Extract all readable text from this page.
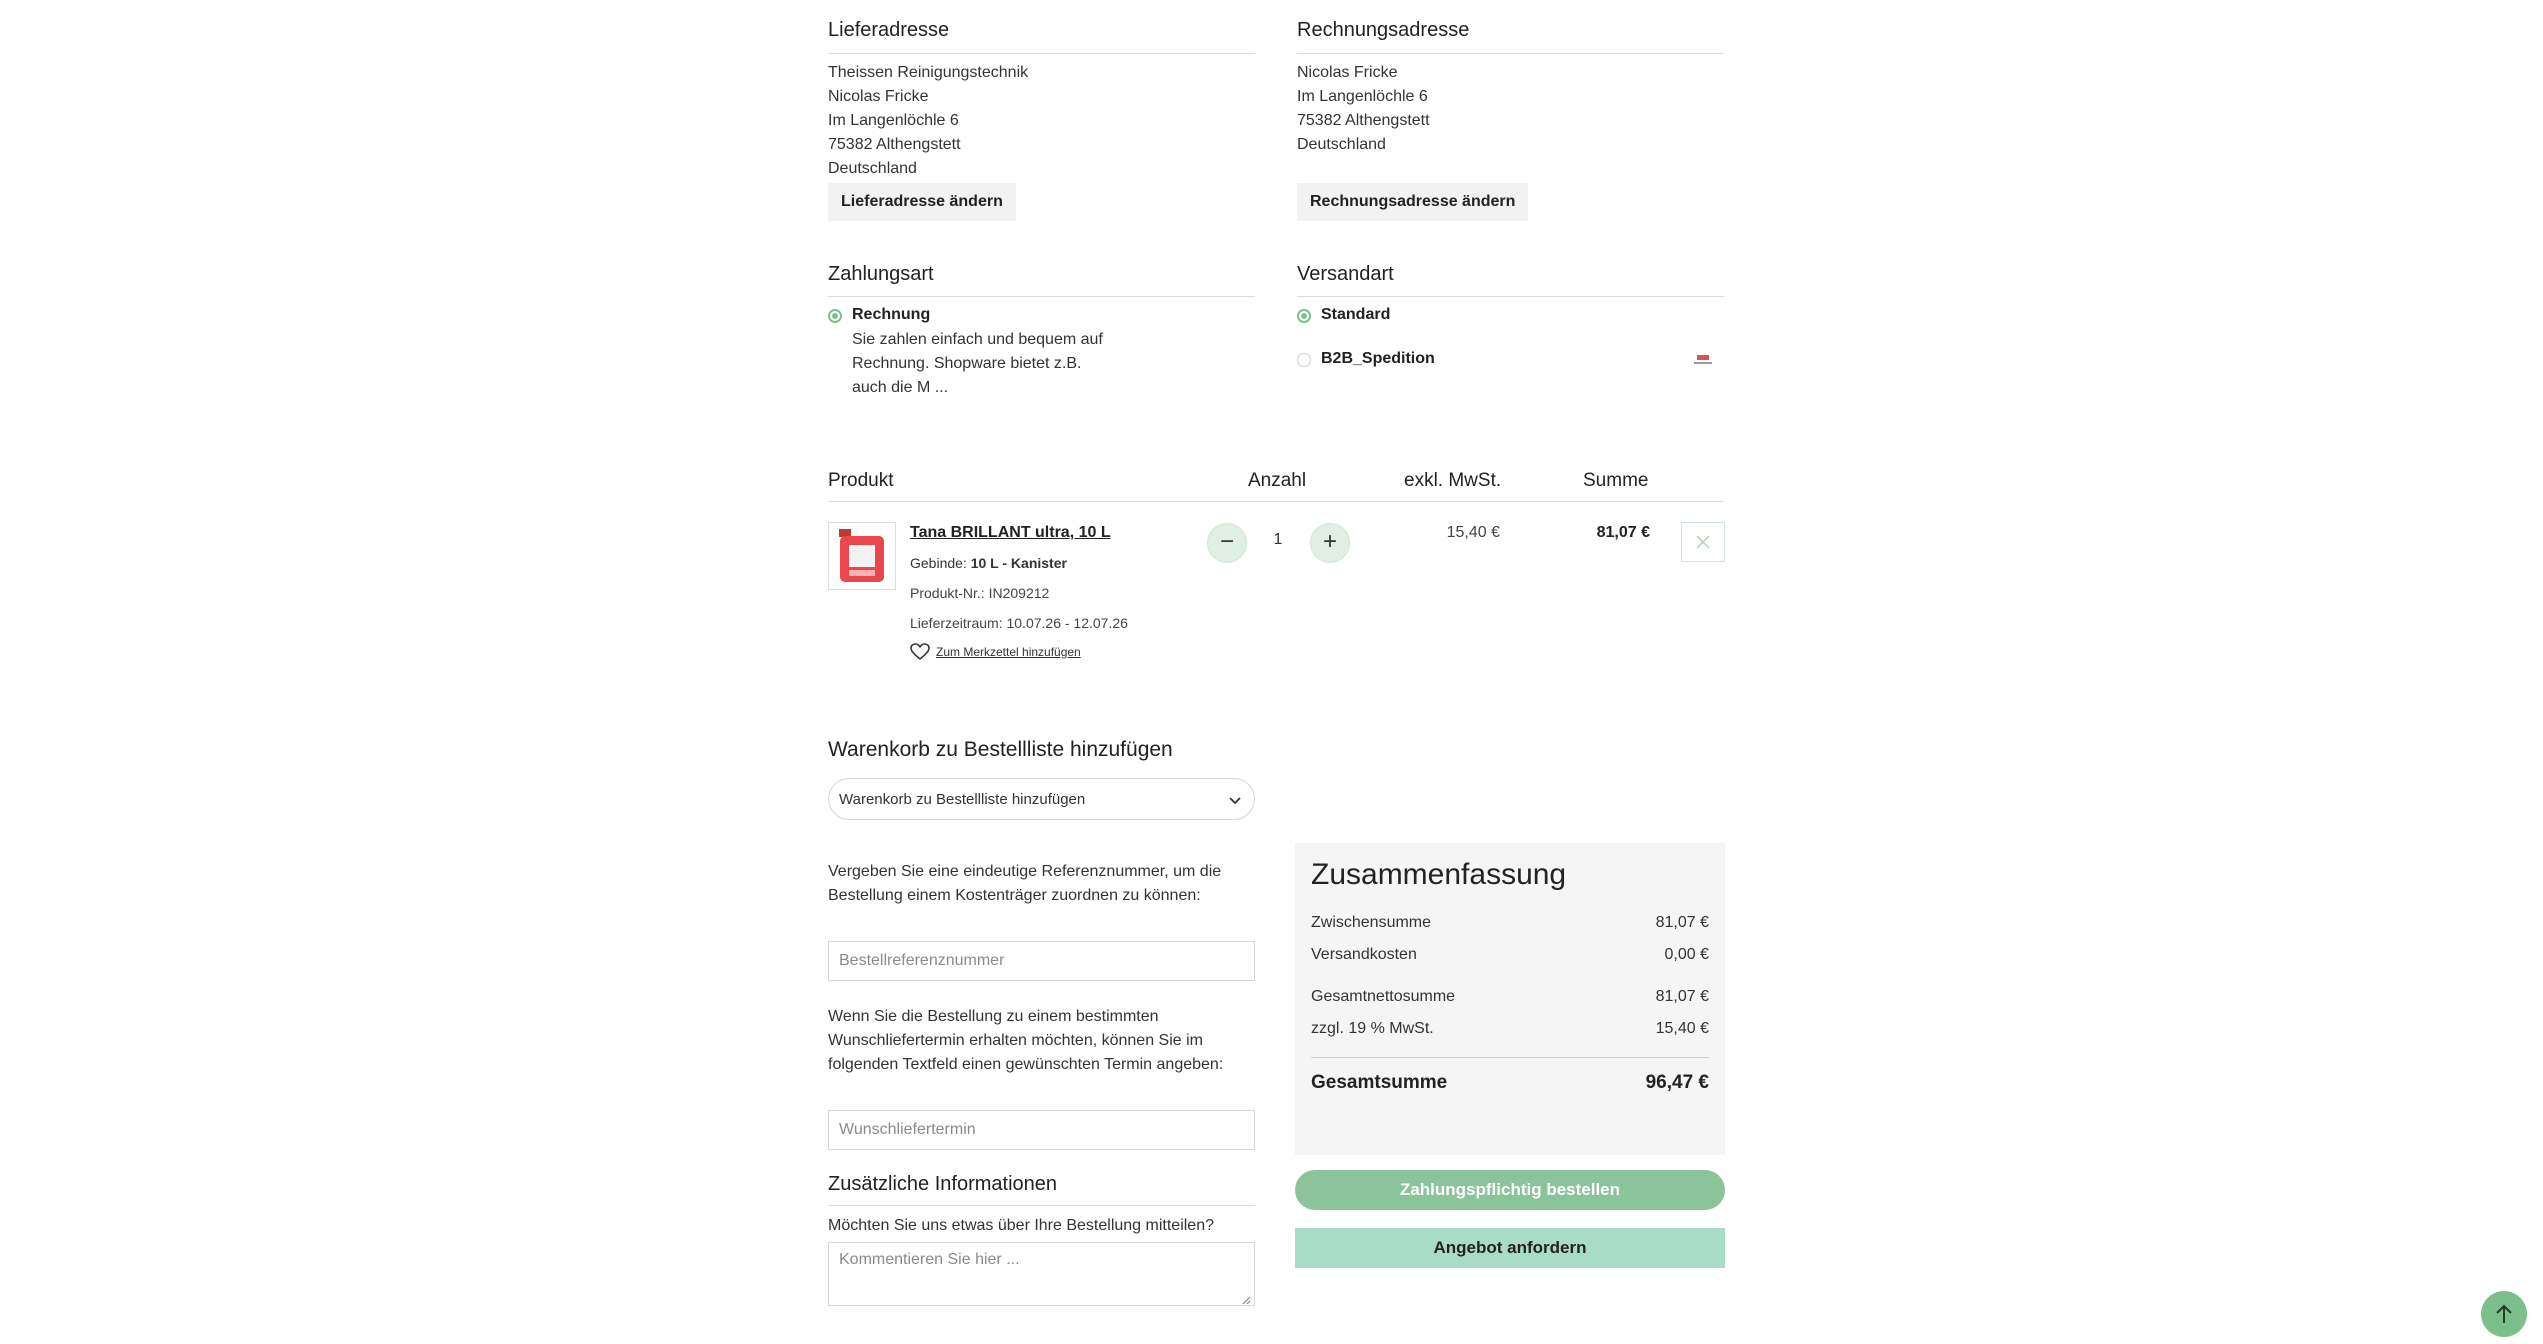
Lieferadresse
Theissen Reinigungstechnik
Nicolas Fricke
Im Langenlöchle 6
75382 Althengstett
Deutschland
Lieferadresse ändern
Rechnungsadresse
Nicolas Fricke
Im Langenlöchle 6
75382 Althengstett
Deutschland
Rechnungsadresse ändern
Zahlungsart
Rechnung
Sie zahlen einfach und bequem auf
Rechnung. Shopware bietet z.B.
auch die M ...
Versandart
Standard
B2B_Spedition
Produkt	Anzahl	exkl. MwSt.	Summe
Tana BRILLANT ultra, 10 L
Gebinde: 10 L - Kanister
Produkt-Nr.: IN209212
Lieferzeitraum: 10.07.26 - 12.07.26
Zum Merkzettel hinzufügen
−	1	+	15,40 €	81,07 €
Warenkorb zu Bestellliste hinzufügen
Warenkorb zu Bestellliste hinzufügen
Vergeben Sie eine eindeutige Referenznummer, um die
Bestellung einem Kostenträger zuordnen zu können:
Bestellreferenznummer
Wenn Sie die Bestellung zu einem bestimmten
Wunschliefertermin erhalten möchten, können Sie im
folgenden Textfeld einen gewünschten Termin angeben:
Wunschliefertermin
Zusätzliche Informationen
Möchten Sie uns etwas über Ihre Bestellung mitteilen?
Kommentieren Sie hier ...
Zusammenfassung
Zwischensumme	81,07 €
Versandkosten	0,00 €
Gesamtnettosumme	81,07 €
zzgl. 19 % MwSt.	15,40 €
Gesamtsumme	96,47 €
Zahlungspflichtig bestellen
Angebot anfordern
